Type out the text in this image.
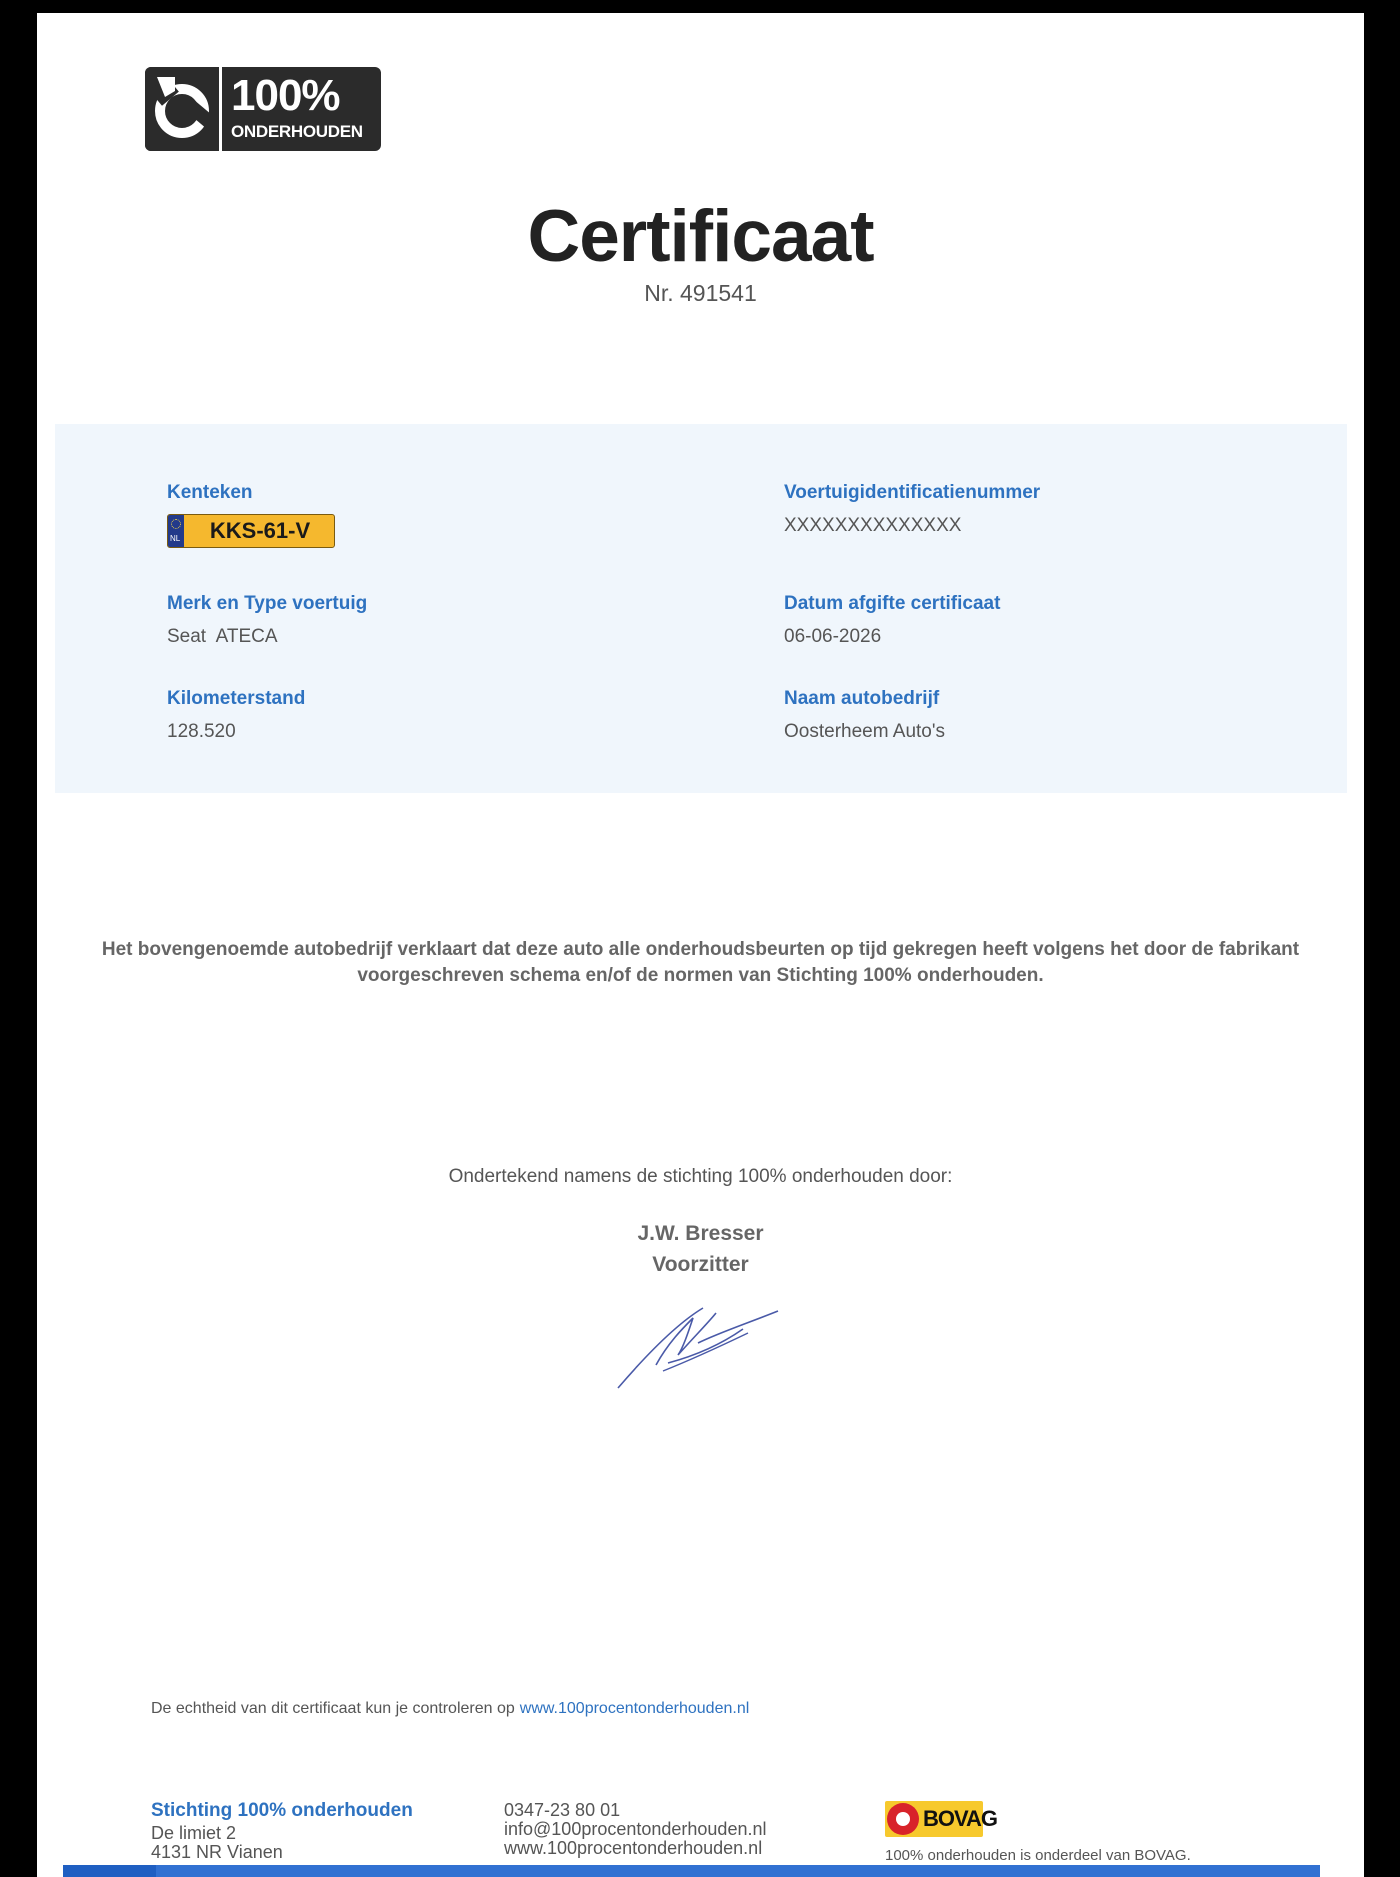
100%
ONDERHOUDEN
Certificaat
Nr. 491541
Kenteken
NL	KKS-61-V
Voertuigidentificatienummer
XXXXXXXXXXXXXX
Merk en Type voertuig
Seat  ATECA
Datum afgifte certificaat
06-06-2026
Kilometerstand
128.520
Naam autobedrijf
Oosterheem Auto's
Het bovengenoemde autobedrijf verklaart dat deze auto alle onderhoudsbeurten op tijd gekregen heeft volgens het door de fabrikant voorgeschreven schema en/of de normen van Stichting 100% onderhouden.
Ondertekend namens de stichting 100% onderhouden door:
J.W. Bresser
Voorzitter
De echtheid van dit certificaat kun je controleren op www.100procentonderhouden.nl
Stichting 100% onderhouden
De limiet 2
4131 NR Vianen
0347-23 80 01
info@100procentonderhouden.nl
www.100procentonderhouden.nl
BOVAG
100% onderhouden is onderdeel van BOVAG.
